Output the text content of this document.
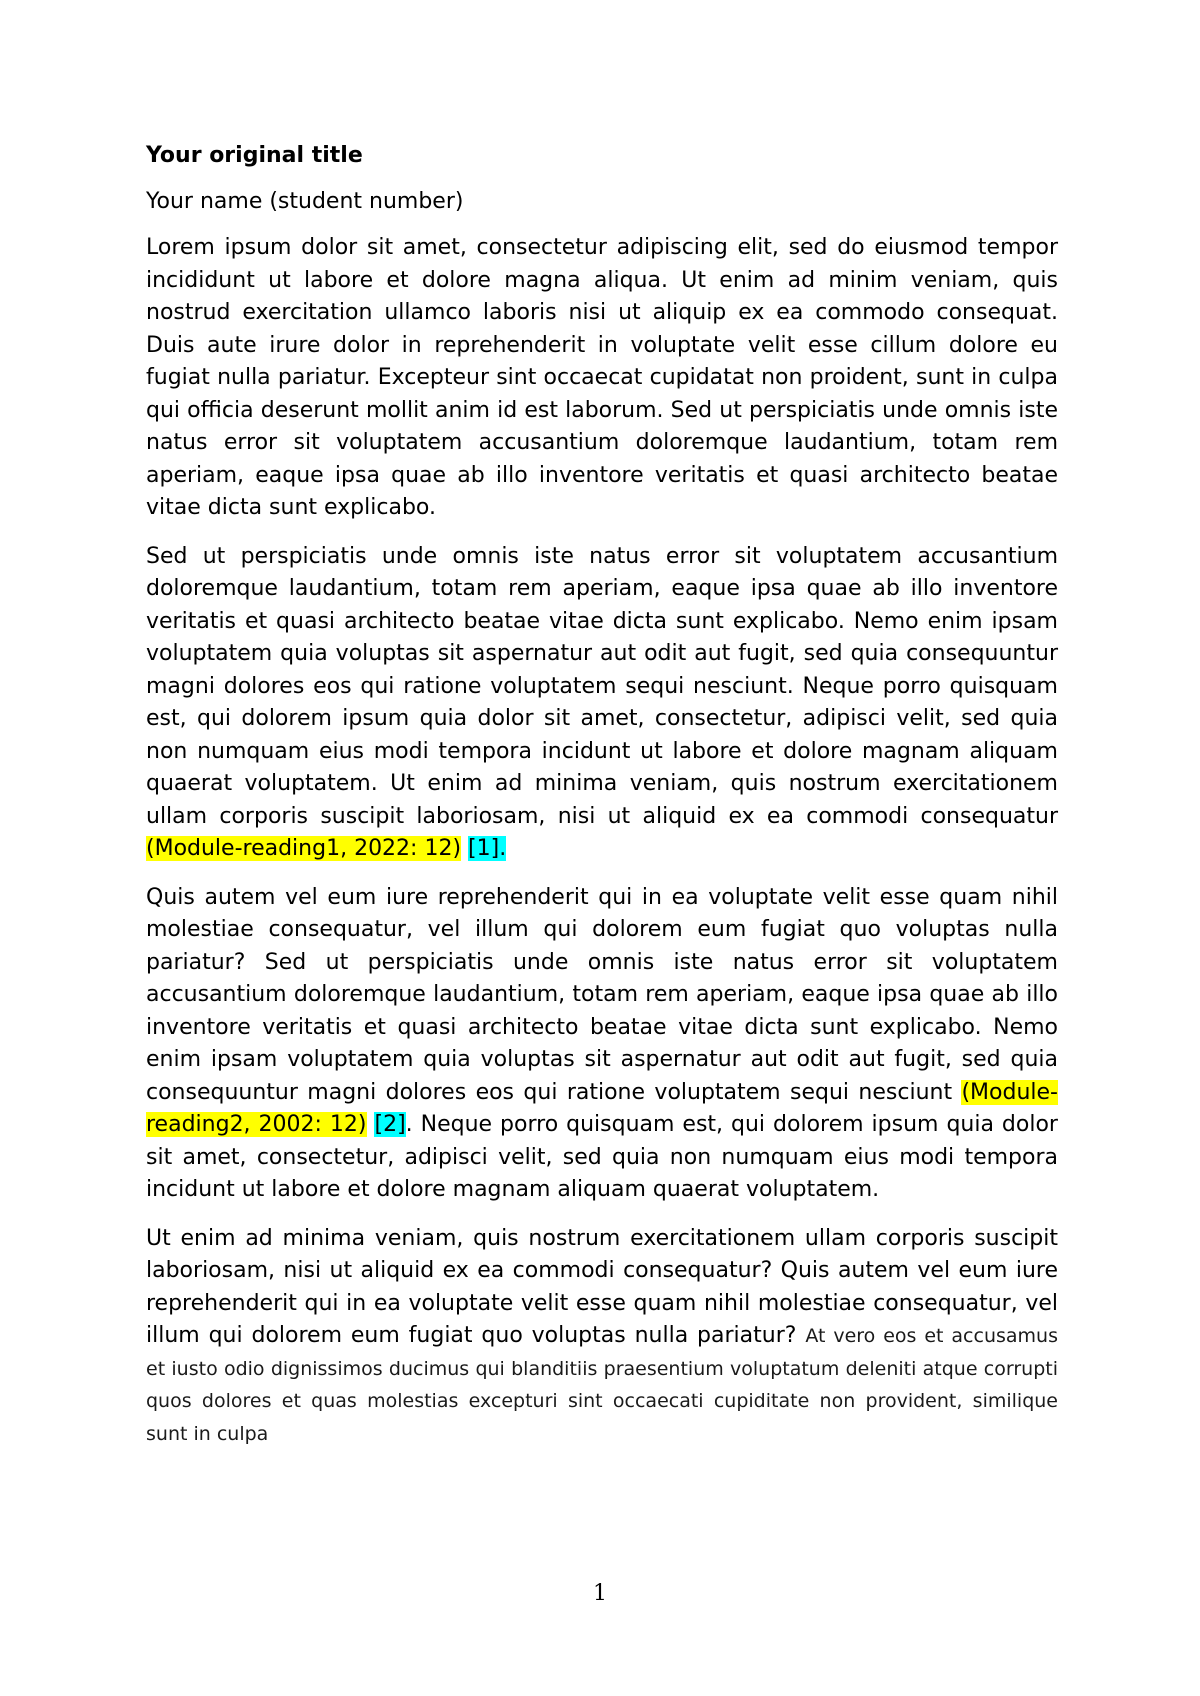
Your original title
Your name (student number)

Lorem ipsum dolor sit amet, consectetur adipiscing elit, sed do eiusmod tempor incididunt ut labore et dolore magna aliqua. Ut enim ad minim veniam, quis nostrud exercitation ullamco laboris nisi ut aliquip ex ea commodo consequat. Duis aute irure dolor in reprehenderit in voluptate velit esse cillum dolore eu fugiat nulla pariatur. Excepteur sint occaecat cupidatat non proident, sunt in culpa qui officia deserunt mollit anim id est laborum. Sed ut perspiciatis unde omnis iste natus error sit voluptatem accusantium doloremque laudantium, totam rem aperiam, eaque ipsa quae ab illo inventore veritatis et quasi architecto beatae vitae dicta sunt explicabo.

Sed ut perspiciatis unde omnis iste natus error sit voluptatem accusantium doloremque laudantium, totam rem aperiam, eaque ipsa quae ab illo inventore veritatis et quasi architecto beatae vitae dicta sunt explicabo. Nemo enim ipsam voluptatem quia voluptas sit aspernatur aut odit aut fugit, sed quia consequuntur magni dolores eos qui ratione voluptatem sequi nesciunt. Neque porro quisquam est, qui dolorem ipsum quia dolor sit amet, consectetur, adipisci velit, sed quia non numquam eius modi tempora incidunt ut labore et dolore magnam aliquam quaerat voluptatem. Ut enim ad minima veniam, quis nostrum exercitationem ullam corporis suscipit laboriosam, nisi ut aliquid ex ea commodi consequatur (Module-reading1, 2022: 12) [1].

Quis autem vel eum iure reprehenderit qui in ea voluptate velit esse quam nihil molestiae consequatur, vel illum qui dolorem eum fugiat quo voluptas nulla pariatur? Sed ut perspiciatis unde omnis iste natus error sit voluptatem accusantium doloremque laudantium, totam rem aperiam, eaque ipsa quae ab illo inventore veritatis et quasi architecto beatae vitae dicta sunt explicabo. Nemo enim ipsam voluptatem quia voluptas sit aspernatur aut odit aut fugit, sed quia consequuntur magni dolores eos qui ratione voluptatem sequi nesciunt (Module-reading2, 2002: 12) [2]. Neque porro quisquam est, qui dolorem ipsum quia dolor sit amet, consectetur, adipisci velit, sed quia non numquam eius modi tempora incidunt ut labore et dolore magnam aliquam quaerat voluptatem.

Ut enim ad minima veniam, quis nostrum exercitationem ullam corporis suscipit laboriosam, nisi ut aliquid ex ea commodi consequatur? Quis autem vel eum iure reprehenderit qui in ea voluptate velit esse quam nihil molestiae consequatur, vel illum qui dolorem eum fugiat quo voluptas nulla pariatur? At vero eos et accusamus et iusto odio dignissimos ducimus qui blanditiis praesentium voluptatum deleniti atque corrupti quos dolores et quas molestias excepturi sint occaecati cupiditate non provident, similique sunt in culpa

1
